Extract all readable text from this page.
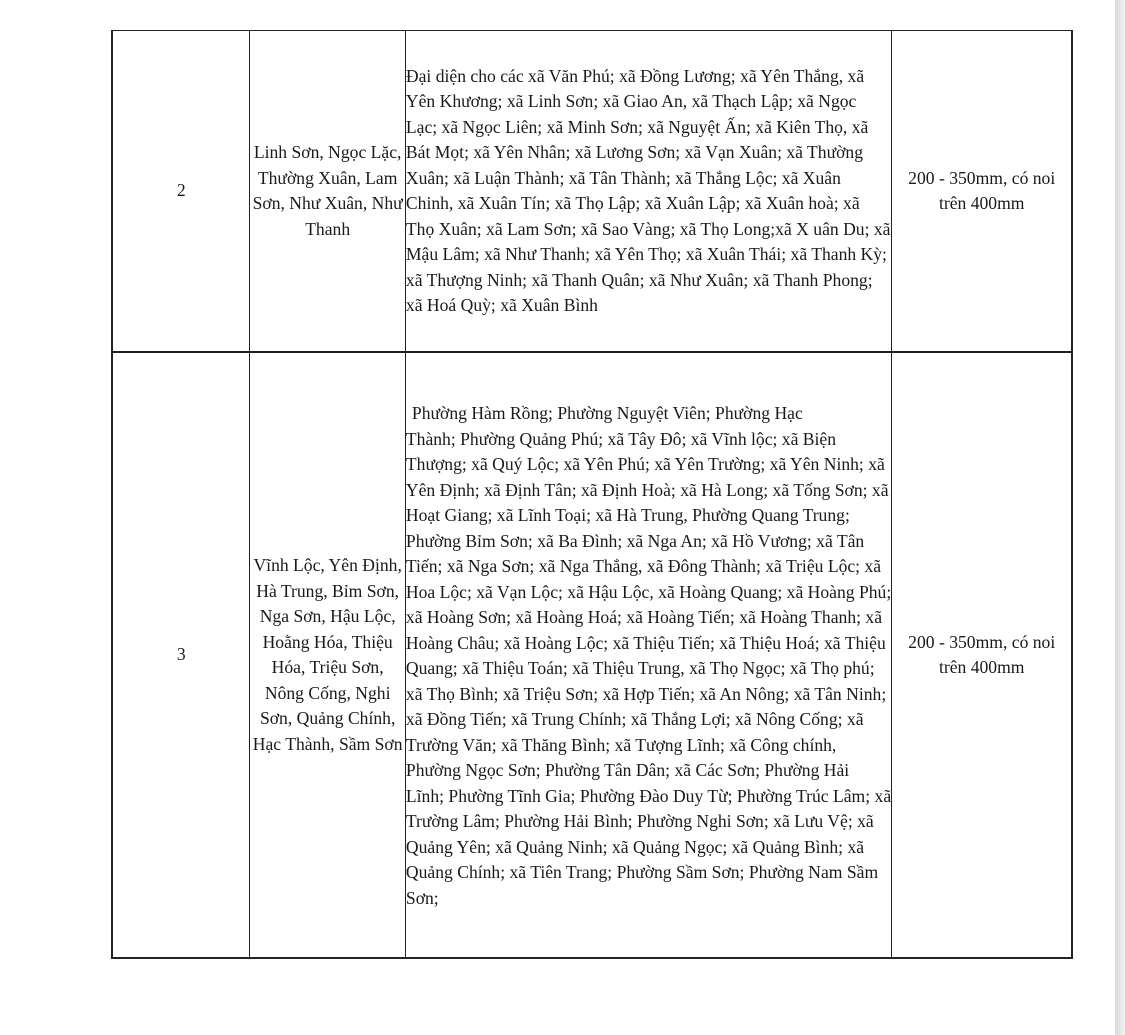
2	Linh Sơn, Ngọc Lặc, Thường Xuân, Lam Sơn, Như Xuân, Như Thanh	Đại diện cho các xã Văn Phú; xã Đồng Lương; xã Yên Thắng, xã Yên Khương; xã Linh Sơn; xã Giao An, xã Thạch Lập; xã Ngọc Lạc; xã Ngọc Liên; xã Minh Sơn; xã Nguyệt Ấn; xã Kiên Thọ, xã Bát Mọt; xã Yên Nhân; xã Lương Sơn; xã Vạn Xuân; xã Thường Xuân; xã Luận Thành; xã Tân Thành; xã Thắng Lộc; xã Xuân Chinh, xã Xuân Tín; xã Thọ Lập; xã Xuân Lập; xã Xuân hoà; xã Thọ Xuân; xã Lam Sơn; xã Sao Vàng; xã Thọ Long;xã X uân Du; xã Mậu Lâm; xã Như Thanh; xã Yên Thọ; xã Xuân Thái; xã Thanh Kỳ; xã Thượng Ninh; xã Thanh Quân; xã Như Xuân; xã Thanh Phong; xã Hoá Quỳ; xã Xuân Bình	200 - 350mm, có noi trên 400mm

3	Vĩnh Lộc, Yên Định, Hà Trung, Bỉm Sơn, Nga Sơn, Hậu Lộc, Hoằng Hóa, Thiệu Hóa, Triệu Sơn, Nông Cống, Nghi Sơn, Quảng Chính, Hạc Thành, Sầm Sơn	Phường Hàm Rồng; Phường Nguyệt Viên; Phường Hạc
Thành; Phường Quảng Phú; xã Tây Đô; xã Vĩnh lộc; xã Biện Thượng; xã Quý Lộc; xã Yên Phú; xã Yên Trường; xã Yên Ninh; xã Yên Định; xã Định Tân; xã Định Hoà; xã Hà Long; xã Tống Sơn; xã Hoạt Giang; xã Lĩnh Toại; xã Hà Trung, Phường Quang Trung; Phường Bỉm Sơn; xã Ba Đình; xã Nga An; xã Hồ Vương; xã Tân Tiến; xã Nga Sơn; xã Nga Thắng, xã Đông Thành; xã Triệu Lộc; xã Hoa Lộc; xã Vạn Lộc; xã Hậu Lộc, xã Hoàng Quang; xã Hoàng Phú; xã Hoàng Sơn; xã Hoàng Hoá; xã Hoàng Tiến; xã Hoàng Thanh; xã Hoàng Châu; xã Hoàng Lộc; xã Thiệu Tiến; xã Thiệu Hoá; xã Thiệu Quang; xã Thiệu Toán; xã Thiệu Trung, xã Thọ Ngọc; xã Thọ phú; xã Thọ Bình; xã Triệu Sơn; xã Hợp Tiến; xã An Nông; xã Tân Ninh; xã Đồng Tiến; xã Trung Chính; xã Thắng Lợi; xã Nông Cống; xã Trường Văn; xã Thăng Bình; xã Tượng Lĩnh; xã Công chính, Phường Ngọc Sơn; Phường Tân Dân; xã Các Sơn; Phường Hải Lĩnh; Phường Tĩnh Gia; Phường Đào Duy Từ; Phường Trúc Lâm; xã Trường Lâm; Phường Hải Bình; Phường Nghi Sơn; xã Lưu Vệ; xã Quảng Yên; xã Quảng Ninh; xã Quảng Ngọc; xã Quảng Bình; xã Quảng Chính; xã Tiên Trang; Phường Sầm Sơn; Phường Nam Sầm Sơn;	200 - 350mm, có noi trên 400mm
